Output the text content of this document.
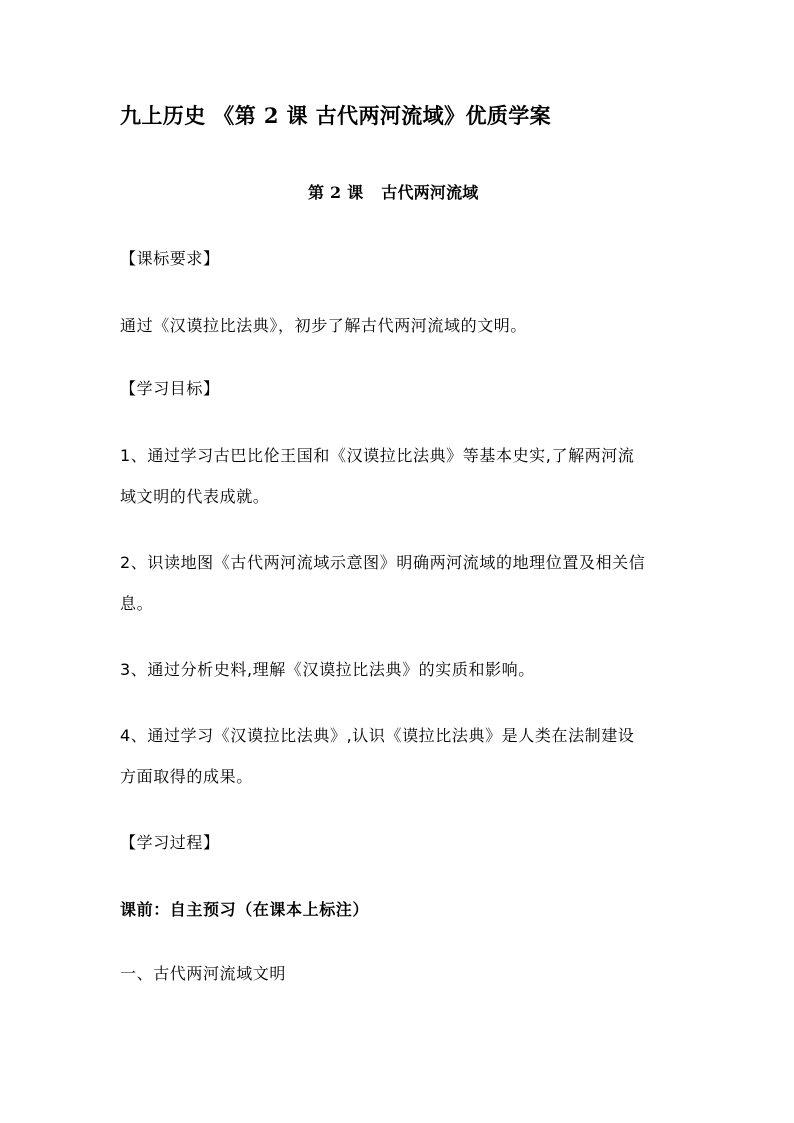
九上历史 《第 2 课 古代两河流域》优质学案
第 2 课 古代两河流域
【课标要求】
通过《汉谟拉比法典》，初步了解古代两河流域的文明。
【学习目标】
1、通过学习古巴比伦王国和《汉谟拉比法典》等基本史实,了解两河流
域文明的代表成就。
2、识读地图《古代两河流域示意图》明确两河流域的地理位置及相关信
息。
3、通过分析史料,理解《汉谟拉比法典》的实质和影响。
4、通过学习《汉谟拉比法典》,认识《谟拉比法典》是人类在法制建设
方面取得的成果。
【学习过程】
课前：自主预习（在课本上标注）
一、古代两河流域文明
